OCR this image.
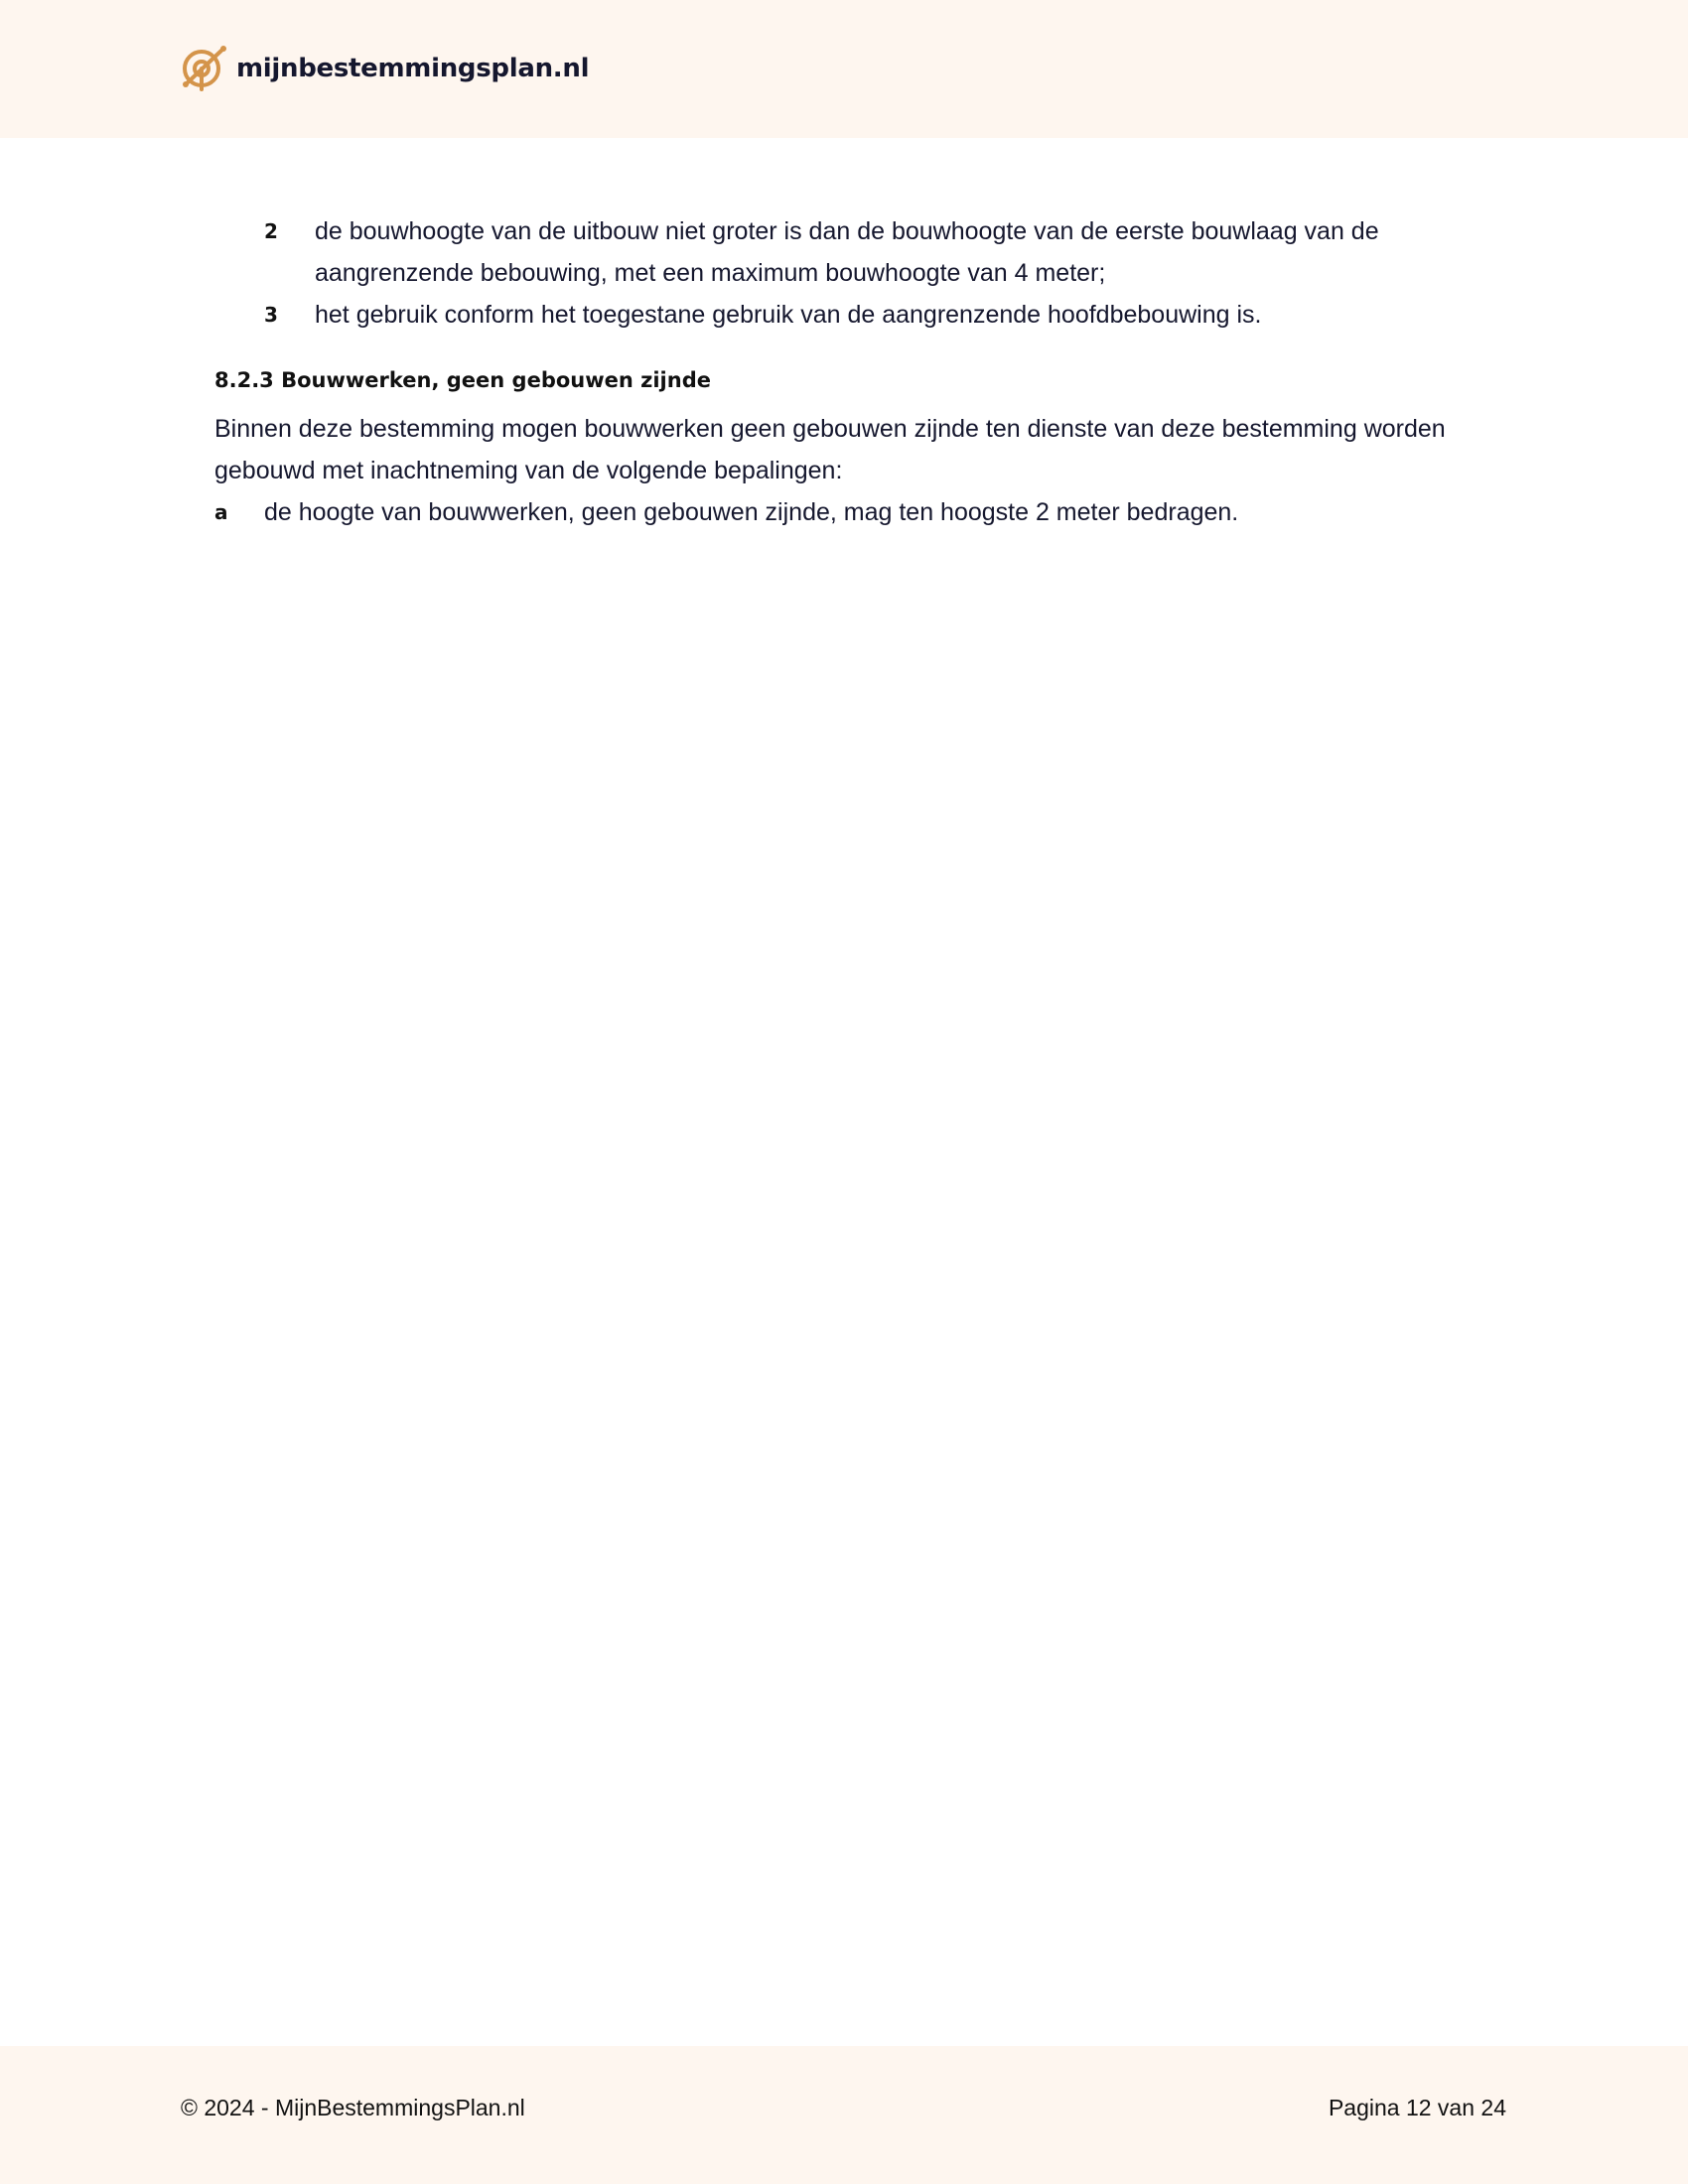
mijnbestemmingsplan.nl
2 de bouwhoogte van de uitbouw niet groter is dan de bouwhoogte van de eerste bouwlaag van de
aangrenzende bebouwing, met een maximum bouwhoogte van 4 meter;
3 het gebruik conform het toegestane gebruik van de aangrenzende hoofdbebouwing is.
8.2.3 Bouwwerken, geen gebouwen zijnde
Binnen deze bestemming mogen bouwwerken geen gebouwen zijnde ten dienste van deze bestemming worden
gebouwd met inachtneming van de volgende bepalingen:
a de hoogte van bouwwerken, geen gebouwen zijnde, mag ten hoogste 2 meter bedragen.
© 2024 - MijnBestemmingsPlan.nl	Pagina 12 van 24
